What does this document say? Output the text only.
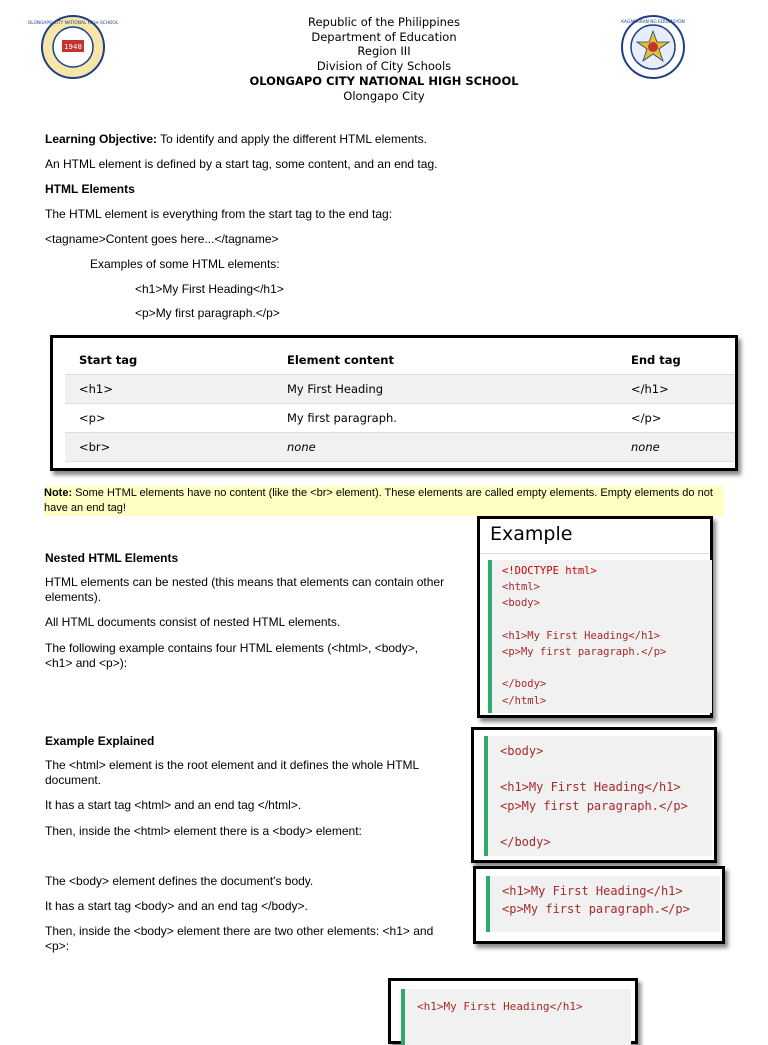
1948
OLONGAPO CITY NATIONAL HIGH SCHOOL	KAGAWARAN NG EDUKASYON
Republic of the Philippines
Department of Education
Region III
Division of City Schools
OLONGAPO CITY NATIONAL HIGH SCHOOL
Olongapo City
Learning Objective: To identify and apply the different HTML elements.
An HTML element is defined by a start tag, some content, and an end tag.
HTML Elements
The HTML element is everything from the start tag to the end tag:
<tagname>Content goes here...</tagname>
Examples of some HTML elements:
<h1>My First Heading</h1>
<p>My first paragraph.</p>
Start tag	Element content	End tag
<h1>	My First Heading	</h1>
<p>	My first paragraph.	</p>
<br>	none	none
Note: Some HTML elements have no content (like the <br> element). These elements are called empty elements. Empty elements do not have an end tag!
Nested HTML Elements
HTML elements can be nested (this means that elements can contain other elements).
All HTML documents consist of nested HTML elements.
The following example contains four HTML elements (<html>, <body>, <h1> and <p>):
Example Explained
The <html> element is the root element and it defines the whole HTML document.
It has a start tag <html> and an end tag </html>.
Then, inside the <html> element there is a <body> element:
The <body> element defines the document's body.
It has a start tag <body> and an end tag </body>.
Then, inside the <body> element there are two other elements: <h1> and <p>:
Example
<!DOCTYPE html>
<html>
<body>

<h1>My First Heading</h1>
<p>My first paragraph.</p>

</body>
</html>
<body>

<h1>My First Heading</h1>
<p>My first paragraph.</p>

</body>
<h1>My First Heading</h1>
<p>My first paragraph.</p>
<h1>My First Heading</h1>
